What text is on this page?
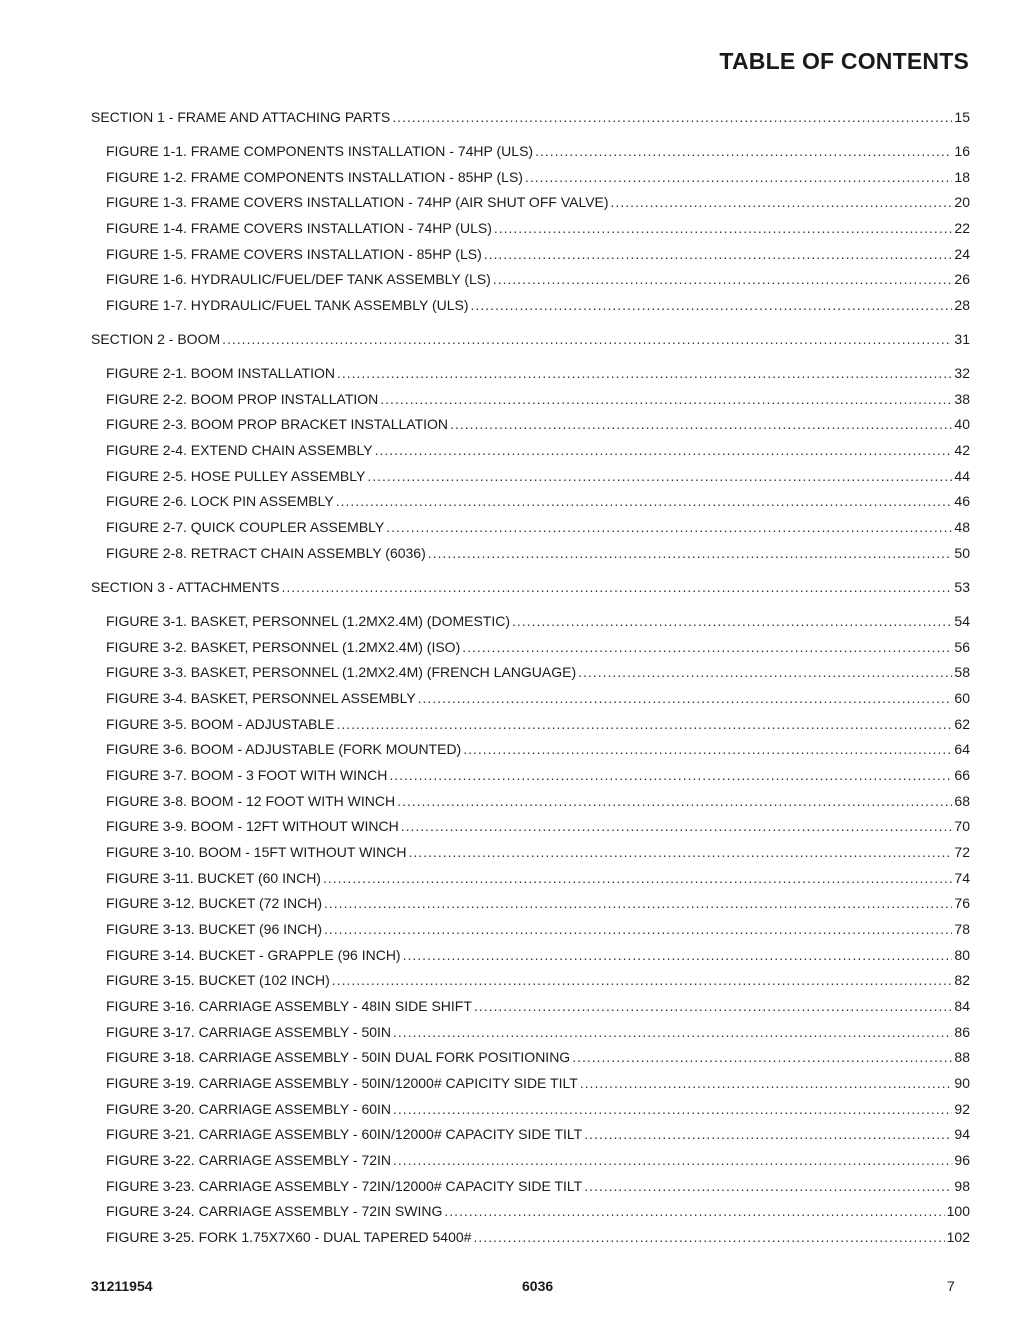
TABLE OF CONTENTS
SECTION 1 - FRAME AND ATTACHING PARTS .....	15
FIGURE 1-1. FRAME COMPONENTS INSTALLATION - 74HP (ULS) .....	16
FIGURE 1-2. FRAME COMPONENTS INSTALLATION - 85HP (LS) .....	18
FIGURE 1-3. FRAME COVERS INSTALLATION - 74HP (AIR SHUT OFF VALVE) .....	20
FIGURE 1-4. FRAME COVERS INSTALLATION - 74HP (ULS) .....	22
FIGURE 1-5. FRAME COVERS INSTALLATION - 85HP (LS) .....	24
FIGURE 1-6. HYDRAULIC/FUEL/DEF TANK ASSEMBLY (LS) .....	26
FIGURE 1-7. HYDRAULIC/FUEL TANK ASSEMBLY (ULS) .....	28
SECTION 2 - BOOM .....	31
FIGURE 2-1. BOOM INSTALLATION .....	32
FIGURE 2-2. BOOM PROP INSTALLATION .....	38
FIGURE 2-3. BOOM PROP BRACKET INSTALLATION .....	40
FIGURE 2-4. EXTEND CHAIN ASSEMBLY .....	42
FIGURE 2-5. HOSE PULLEY ASSEMBLY .....	44
FIGURE 2-6. LOCK PIN ASSEMBLY .....	46
FIGURE 2-7. QUICK COUPLER ASSEMBLY .....	48
FIGURE 2-8. RETRACT CHAIN ASSEMBLY (6036) .....	50
SECTION 3 - ATTACHMENTS .....	53
FIGURE 3-1. BASKET, PERSONNEL (1.2MX2.4M) (DOMESTIC) .....	54
FIGURE 3-2. BASKET, PERSONNEL (1.2MX2.4M) (ISO) .....	56
FIGURE 3-3. BASKET, PERSONNEL (1.2MX2.4M) (FRENCH LANGUAGE) .....	58
FIGURE 3-4. BASKET, PERSONNEL ASSEMBLY .....	60
FIGURE 3-5. BOOM - ADJUSTABLE .....	62
FIGURE 3-6. BOOM - ADJUSTABLE (FORK MOUNTED) .....	64
FIGURE 3-7. BOOM - 3 FOOT WITH WINCH .....	66
FIGURE 3-8. BOOM - 12 FOOT WITH WINCH .....	68
FIGURE 3-9. BOOM - 12FT WITHOUT WINCH .....	70
FIGURE 3-10. BOOM - 15FT WITHOUT WINCH .....	72
FIGURE 3-11. BUCKET (60 INCH) .....	74
FIGURE 3-12. BUCKET (72 INCH) .....	76
FIGURE 3-13. BUCKET (96 INCH) .....	78
FIGURE 3-14. BUCKET - GRAPPLE (96 INCH) .....	80
FIGURE 3-15. BUCKET (102 INCH) .....	82
FIGURE 3-16. CARRIAGE ASSEMBLY - 48IN SIDE SHIFT .....	84
FIGURE 3-17. CARRIAGE ASSEMBLY - 50IN .....	86
FIGURE 3-18. CARRIAGE ASSEMBLY - 50IN DUAL FORK POSITIONING .....	88
FIGURE 3-19. CARRIAGE ASSEMBLY - 50IN/12000# CAPICITY SIDE TILT .....	90
FIGURE 3-20. CARRIAGE ASSEMBLY - 60IN .....	92
FIGURE 3-21. CARRIAGE ASSEMBLY - 60IN/12000# CAPACITY SIDE TILT .....	94
FIGURE 3-22. CARRIAGE ASSEMBLY - 72IN .....	96
FIGURE 3-23. CARRIAGE ASSEMBLY - 72IN/12000# CAPACITY SIDE TILT .....	98
FIGURE 3-24. CARRIAGE ASSEMBLY - 72IN SWING .....	100
FIGURE 3-25. FORK 1.75X7X60 - DUAL TAPERED 5400# .....	102
31211954	6036	7
